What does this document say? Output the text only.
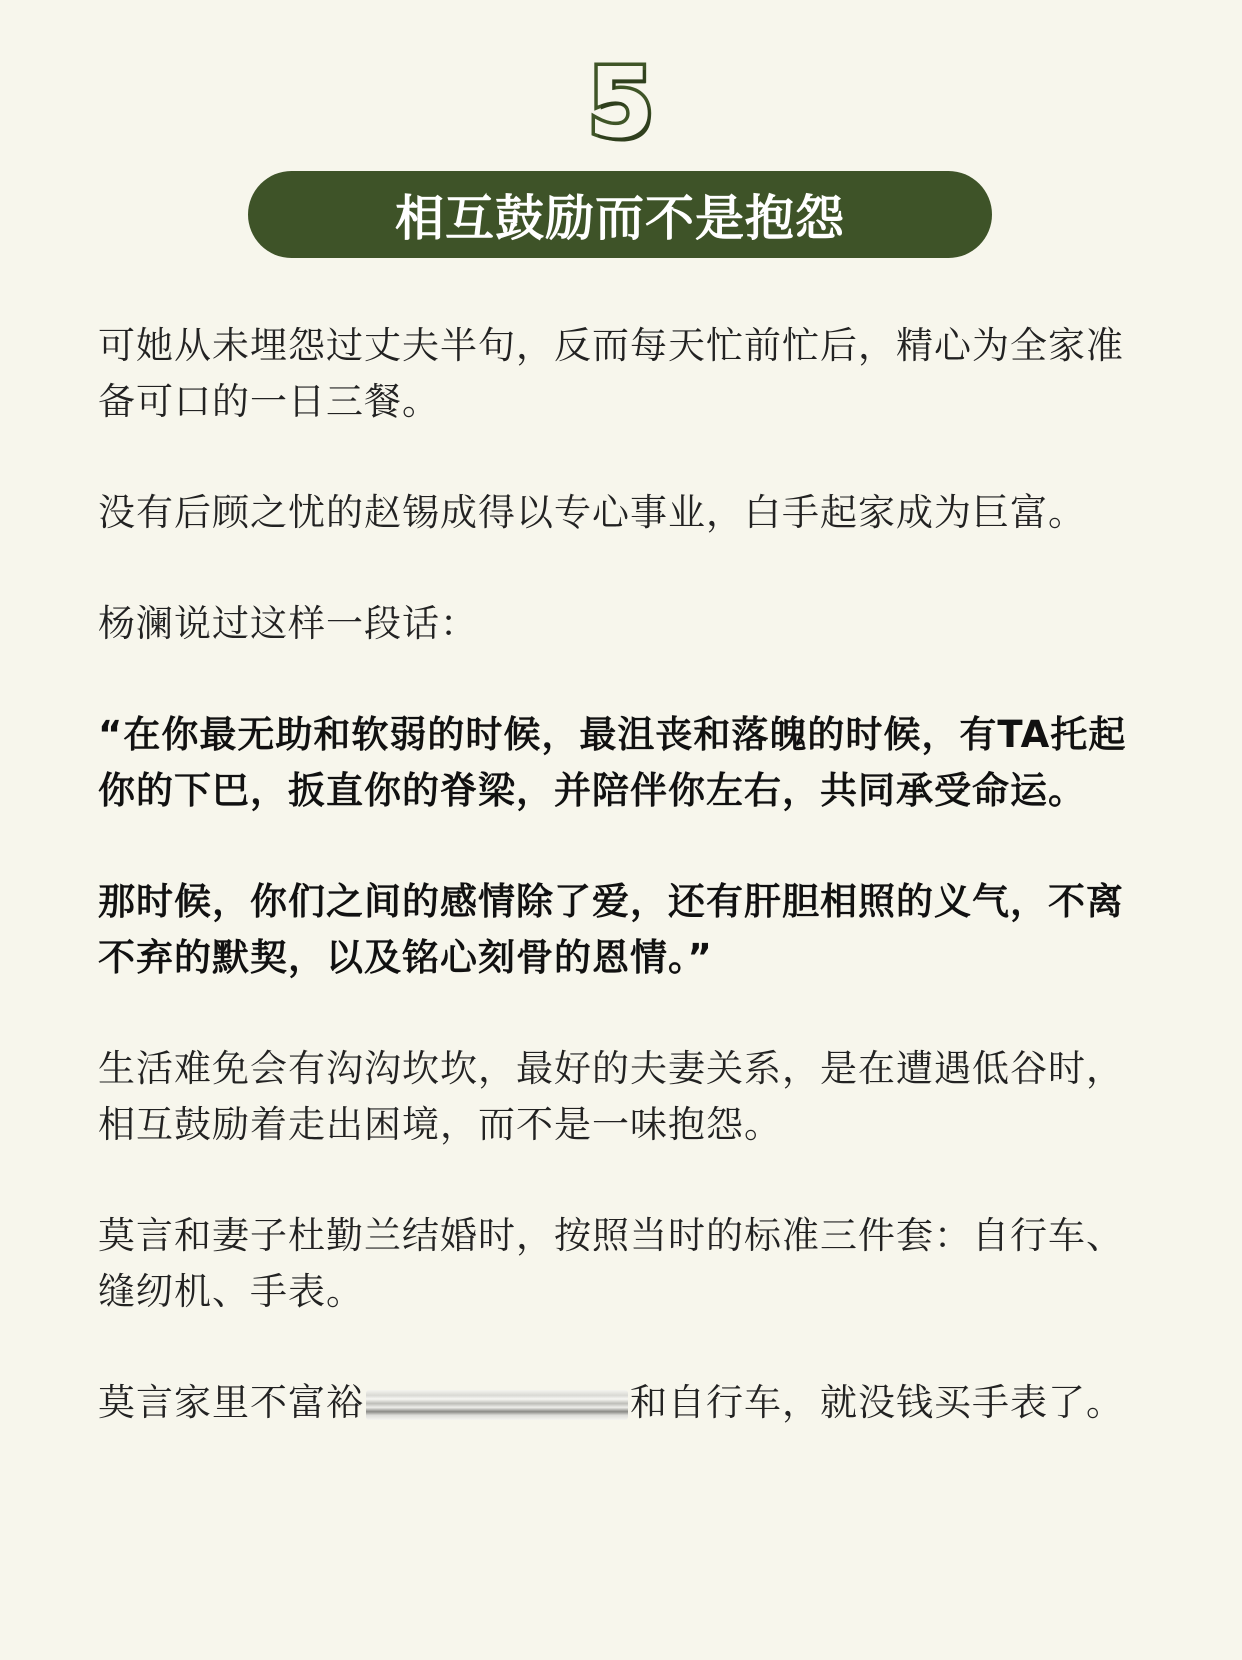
5
相互鼓励而不是抱怨

可她从未埋怨过丈夫半句，反而每天忙前忙后，精心为全家准备可口的一日三餐。

没有后顾之忧的赵锡成得以专心事业，白手起家成为巨富。

杨澜说过这样一段话：

“在你最无助和软弱的时候，最沮丧和落魄的时候，有TA托起你的下巴，扳直你的脊梁，并陪伴你左右，共同承受命运。

那时候，你们之间的感情除了爱，还有肝胆相照的义气，不离不弃的默契，以及铭心刻骨的恩情。”

生活难免会有沟沟坎坎，最好的夫妻关系，是在遭遇低谷时，相互鼓励着走出困境，而不是一味抱怨。

莫言和妻子杜勤兰结婚时，按照当时的标准三件套：自行车、缝纫机、手表。

莫言家里不富裕	和自行车，就没钱买手表了。
